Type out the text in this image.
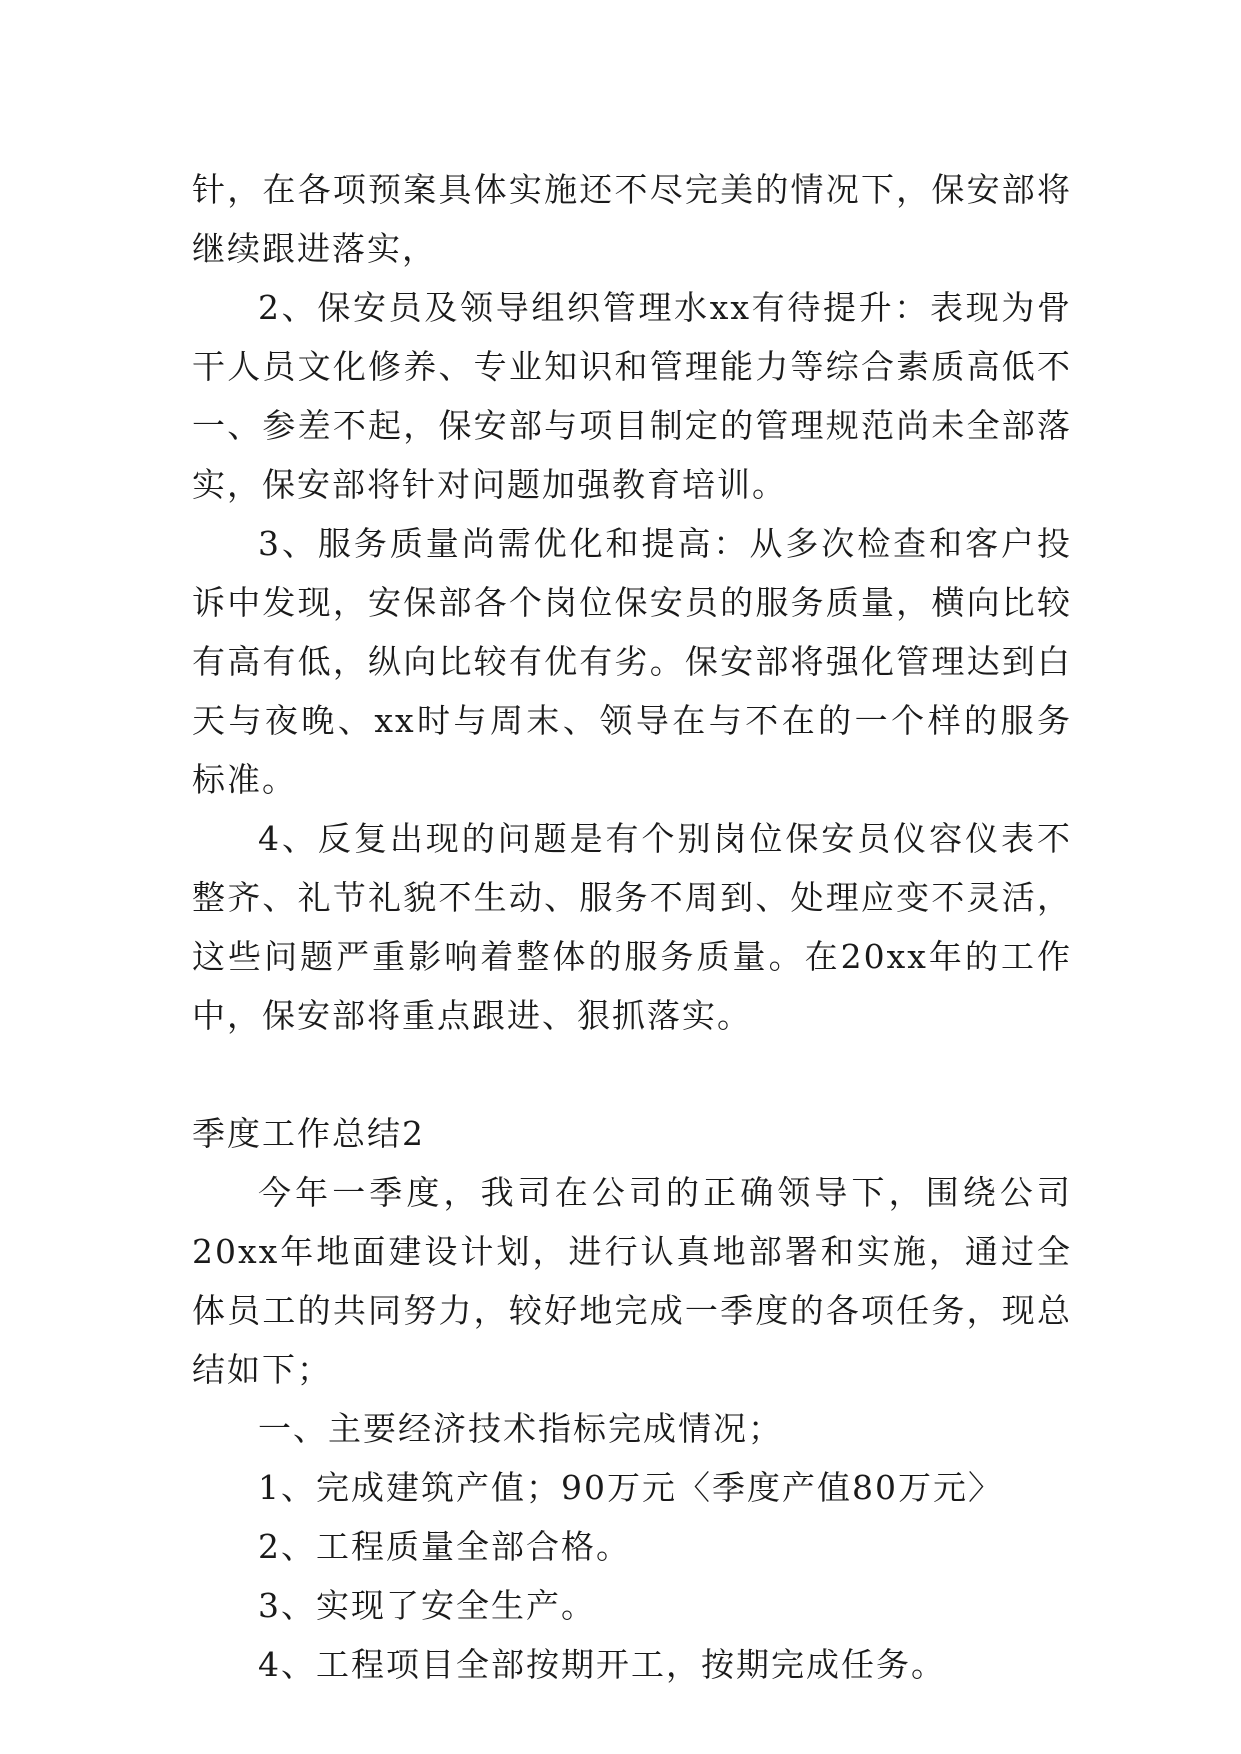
针，在各项预案具体实施还不尽完美的情况下，保安部将继续跟进落实，

2、保安员及领导组织管理水xx有待提升：表现为骨干人员文化修养、专业知识和管理能力等综合素质高低不一、参差不起，保安部与项目制定的管理规范尚未全部落实，保安部将针对问题加强教育培训。

3、服务质量尚需优化和提高：从多次检查和客户投诉中发现，安保部各个岗位保安员的服务质量，横向比较有高有低，纵向比较有优有劣。保安部将强化管理达到白天与夜晚、xx时与周末、领导在与不在的一个样的服务标准。

4、反复出现的问题是有个别岗位保安员仪容仪表不整齐、礼节礼貌不生动、服务不周到、处理应变不灵活，这些问题严重影响着整体的服务质量。在20xx年的工作中，保安部将重点跟进、狠抓落实。

季度工作总结2

今年一季度，我司在公司的正确领导下，围绕公司20xx年地面建设计划，进行认真地部署和实施，通过全体员工的共同努力，较好地完成一季度的各项任务，现总结如下；

一、主要经济技术指标完成情况；

1、完成建筑产值；90万元〈季度产值80万元〉

2、工程质量全部合格。

3、实现了安全生产。

4、工程项目全部按期开工，按期完成任务。
